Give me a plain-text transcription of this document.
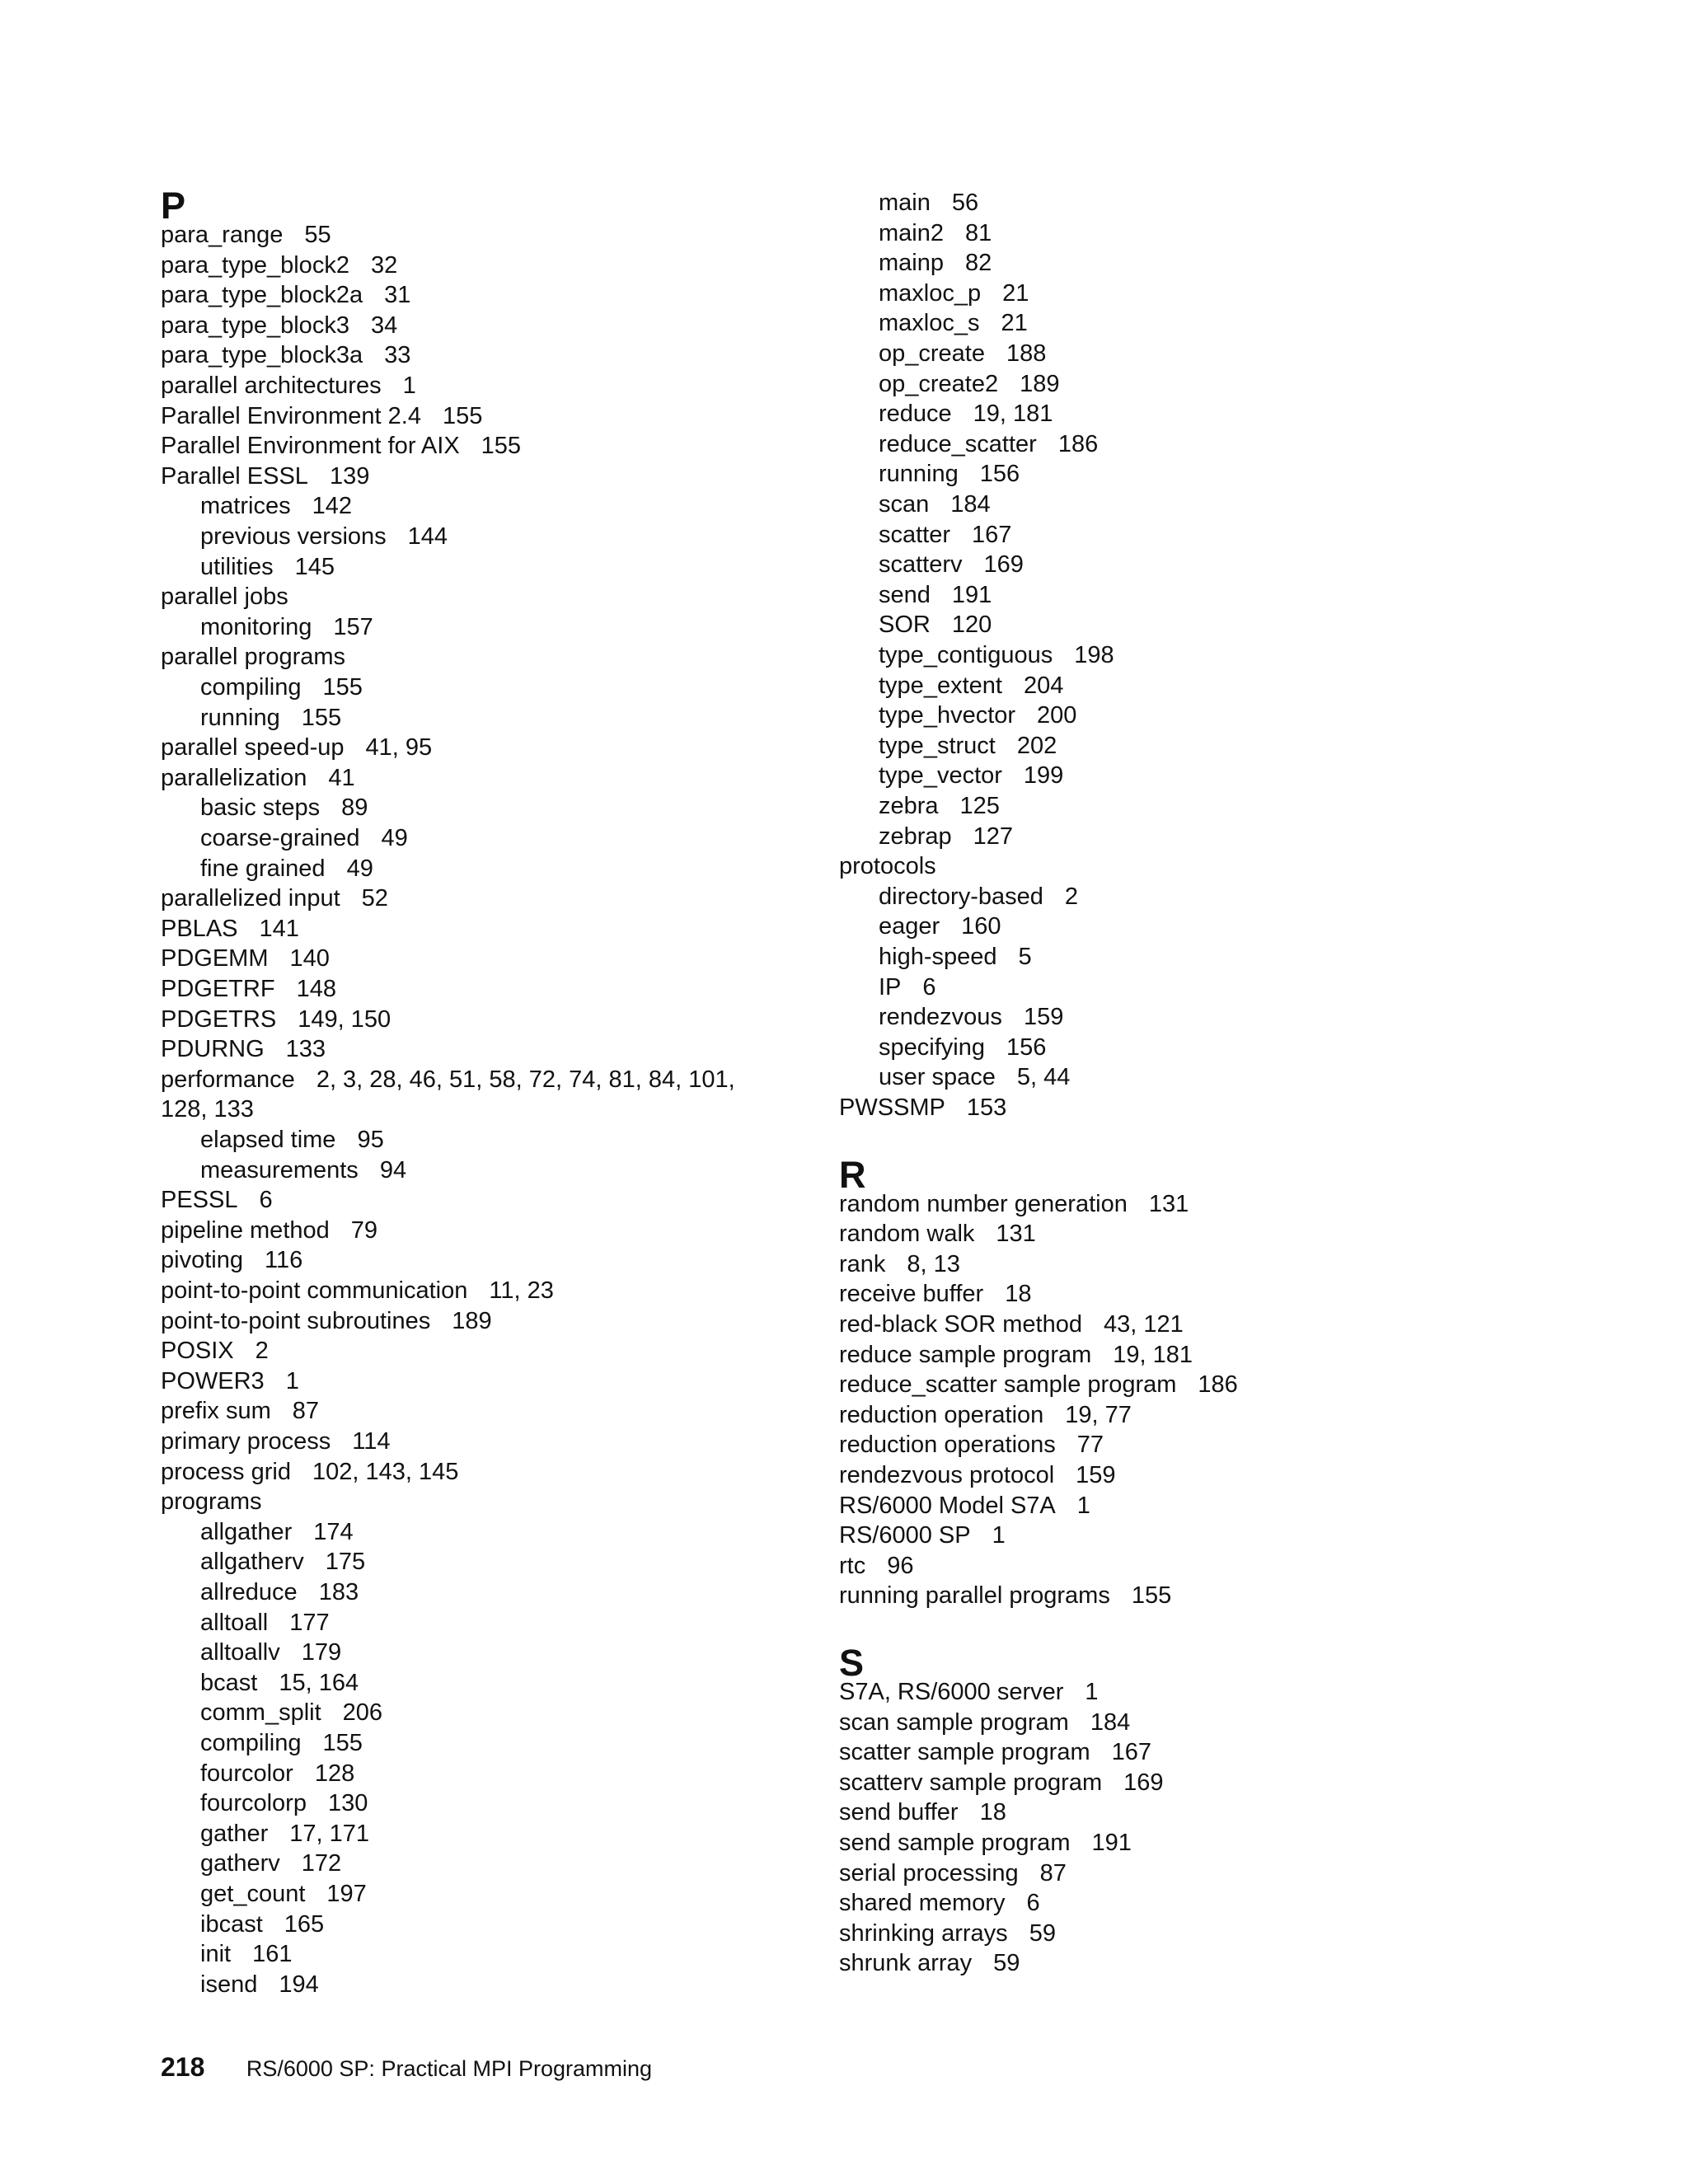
P
para_range 55
para_type_block2 32
para_type_block2a 31
para_type_block3 34
para_type_block3a 33
parallel architectures 1
Parallel Environment 2.4 155
Parallel Environment for AIX 155
Parallel ESSL 139
matrices 142
previous versions 144
utilities 145
parallel jobs
monitoring 157
parallel programs
compiling 155
running 155
parallel speed-up 41, 95
parallelization 41
basic steps 89
coarse-grained 49
fine grained 49
parallelized input 52
PBLAS 141
PDGEMM 140
PDGETRF 148
PDGETRS 149, 150
PDURNG 133
performance 2, 3, 28, 46, 51, 58, 72, 74, 81, 84, 101,
128, 133
elapsed time 95
measurements 94
PESSL 6
pipeline method 79
pivoting 116
point-to-point communication 11, 23
point-to-point subroutines 189
POSIX 2
POWER3 1
prefix sum 87
primary process 114
process grid 102, 143, 145
programs
allgather 174
allgatherv 175
allreduce 183
alltoall 177
alltoallv 179
bcast 15, 164
comm_split 206
compiling 155
fourcolor 128
fourcolorp 130
gather 17, 171
gatherv 172
get_count 197
ibcast 165
init 161
isend 194
main 56
main2 81
mainp 82
maxloc_p 21
maxloc_s 21
op_create 188
op_create2 189
reduce 19, 181
reduce_scatter 186
running 156
scan 184
scatter 167
scatterv 169
send 191
SOR 120
type_contiguous 198
type_extent 204
type_hvector 200
type_struct 202
type_vector 199
zebra 125
zebrap 127
protocols
directory-based 2
eager 160
high-speed 5
IP 6
rendezvous 159
specifying 156
user space 5, 44
PWSSMP 153
R
random number generation 131
random walk 131
rank 8, 13
receive buffer 18
red-black SOR method 43, 121
reduce sample program 19, 181
reduce_scatter sample program 186
reduction operation 19, 77
reduction operations 77
rendezvous protocol 159
RS/6000 Model S7A 1
RS/6000 SP 1
rtc 96
running parallel programs 155
S
S7A, RS/6000 server 1
scan sample program 184
scatter sample program 167
scatterv sample program 169
send buffer 18
send sample program 191
serial processing 87
shared memory 6
shrinking arrays 59
shrunk array 59
218 RS/6000 SP: Practical MPI Programming
